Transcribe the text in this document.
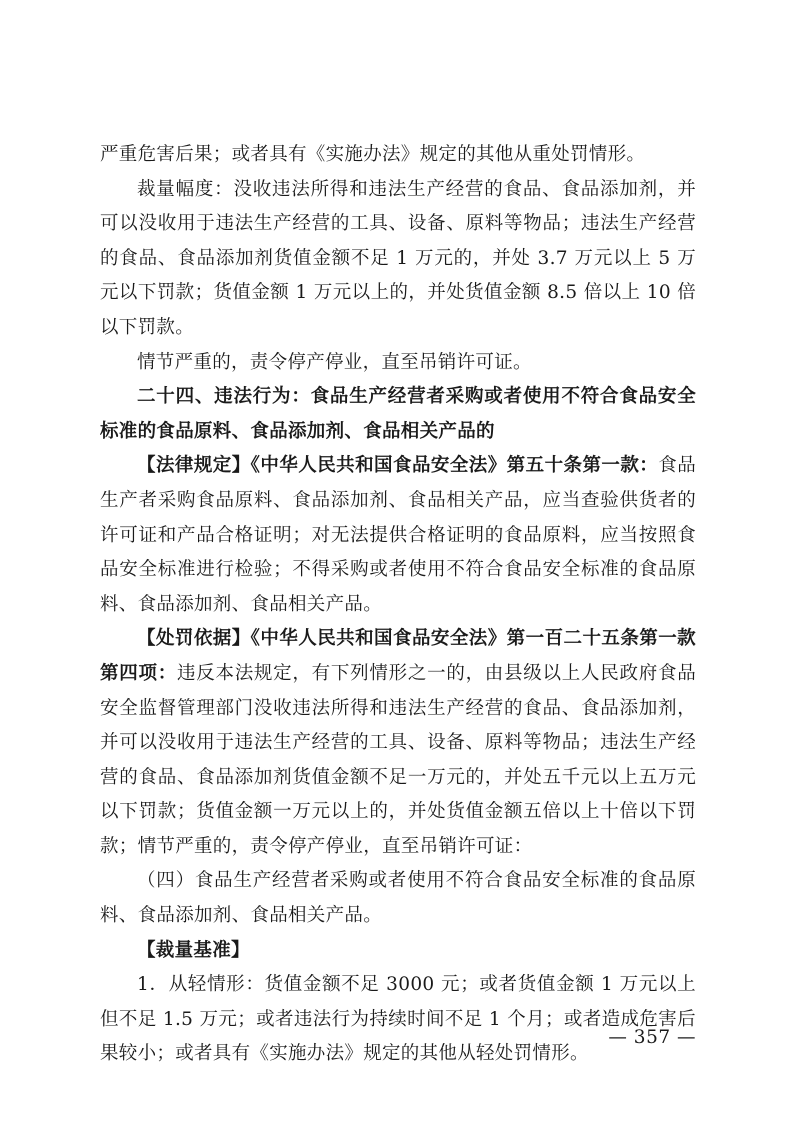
严重危害后果；或者具有《实施办法》规定的其他从重处罚情形。

裁量幅度：没收违法所得和违法生产经营的食品、食品添加剂，并可以没收用于违法生产经营的工具、设备、原料等物品；违法生产经营的食品、食品添加剂货值金额不足 1 万元的，并处 3.7 万元以上 5 万元以下罚款；货值金额 1 万元以上的，并处货值金额 8.5 倍以上 10 倍以下罚款。

情节严重的，责令停产停业，直至吊销许可证。

二十四、违法行为：食品生产经营者采购或者使用不符合食品安全标准的食品原料、食品添加剂、食品相关产品的

【法律规定】《中华人民共和国食品安全法》第五十条第一款：食品生产者采购食品原料、食品添加剂、食品相关产品，应当查验供货者的许可证和产品合格证明；对无法提供合格证明的食品原料，应当按照食品安全标准进行检验；不得采购或者使用不符合食品安全标准的食品原料、食品添加剂、食品相关产品。

【处罚依据】《中华人民共和国食品安全法》第一百二十五条第一款第四项：违反本法规定，有下列情形之一的，由县级以上人民政府食品安全监督管理部门没收违法所得和违法生产经营的食品、食品添加剂，并可以没收用于违法生产经营的工具、设备、原料等物品；违法生产经营的食品、食品添加剂货值金额不足一万元的，并处五千元以上五万元以下罚款；货值金额一万元以上的，并处货值金额五倍以上十倍以下罚款；情节严重的，责令停产停业，直至吊销许可证：

（四）食品生产经营者采购或者使用不符合食品安全标准的食品原料、食品添加剂、食品相关产品。

【裁量基准】

1．从轻情形：货值金额不足 3000 元；或者货值金额 1 万元以上但不足 1.5 万元；或者违法行为持续时间不足 1 个月；或者造成危害后果较小；或者具有《实施办法》规定的其他从轻处罚情形。

— 357 —
